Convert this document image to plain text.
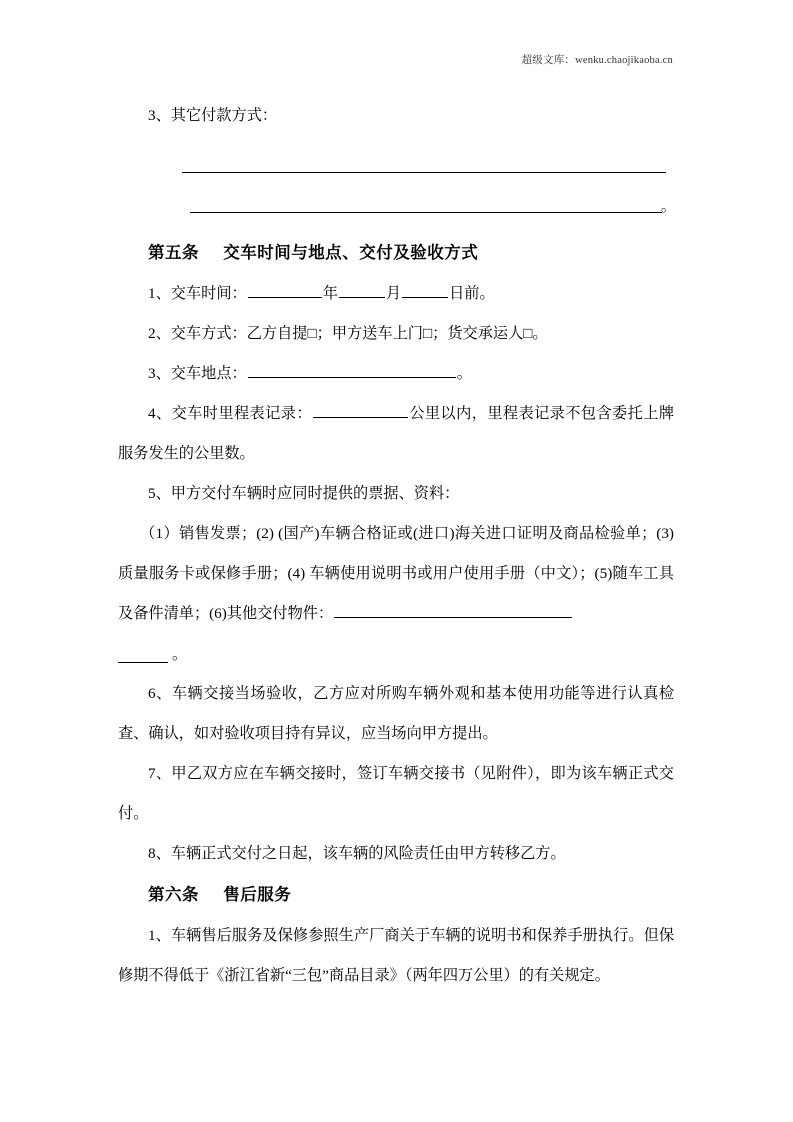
超级文库：wenku.chaojikaoba.cn

3、其它付款方式：

。
第五条 交车时间与地点、交付及验收方式

1、交车时间：	年	月	日前。

2、交车方式：乙方自提□；甲方送车上门□；货交承运人□。

3、交车地点：	。

4、交车时里程表记录：	公里以内，里程表记录不包含委托上牌服务发生的公里数。

5、甲方交付车辆时应同时提供的票据、资料：

（1）销售发票；(2) (国产)车辆合格证或(进口)海关进口证明及商品检验单；(3) 质量服务卡或保修手册；(4) 车辆使用说明书或用户使用手册（中文）；(5)随车工具及备件清单；(6)其他交付物件：

。

6、车辆交接当场验收，乙方应对所购车辆外观和基本使用功能等进行认真检查、确认，如对验收项目持有异议，应当场向甲方提出。

7、甲乙双方应在车辆交接时，签订车辆交接书（见附件），即为该车辆正式交付。

8、车辆正式交付之日起，该车辆的风险责任由甲方转移乙方。

第六条 售后服务

1、车辆售后服务及保修参照生产厂商关于车辆的说明书和保养手册执行。但保修期不得低于《浙江省新“三包”商品目录》（两年四万公里）的有关规定。
